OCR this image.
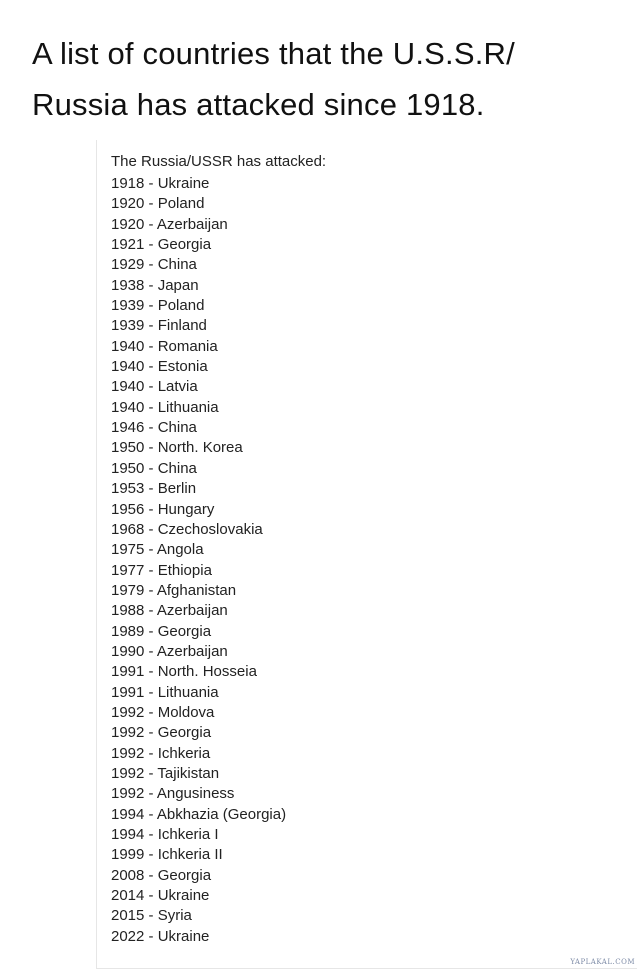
A list of countries that the U.S.S.R/ Russia has attacked since 1918.
The Russia/USSR has attacked:
1918 - Ukraine
1920 - Poland
1920 - Azerbaijan
1921 - Georgia
1929 - China
1938 - Japan
1939 - Poland
1939 - Finland
1940 - Romania
1940 - Estonia
1940 - Latvia
1940 - Lithuania
1946 - China
1950 - North. Korea
1950 - China
1953 - Berlin
1956 - Hungary
1968 - Czechoslovakia
1975 - Angola
1977 - Ethiopia
1979 - Afghanistan
1988 - Azerbaijan
1989 - Georgia
1990 - Azerbaijan
1991 - North. Hosseia
1991 - Lithuania
1992 - Moldova
1992 - Georgia
1992 - Ichkeria
1992 - Tajikistan
1992 - Angusiness
1994 - Abkhazia (Georgia)
1994 - Ichkeria I
1999 - Ichkeria II
2008 - Georgia
2014 - Ukraine
2015 - Syria
2022 - Ukraine
YAPLAKAL.COM
